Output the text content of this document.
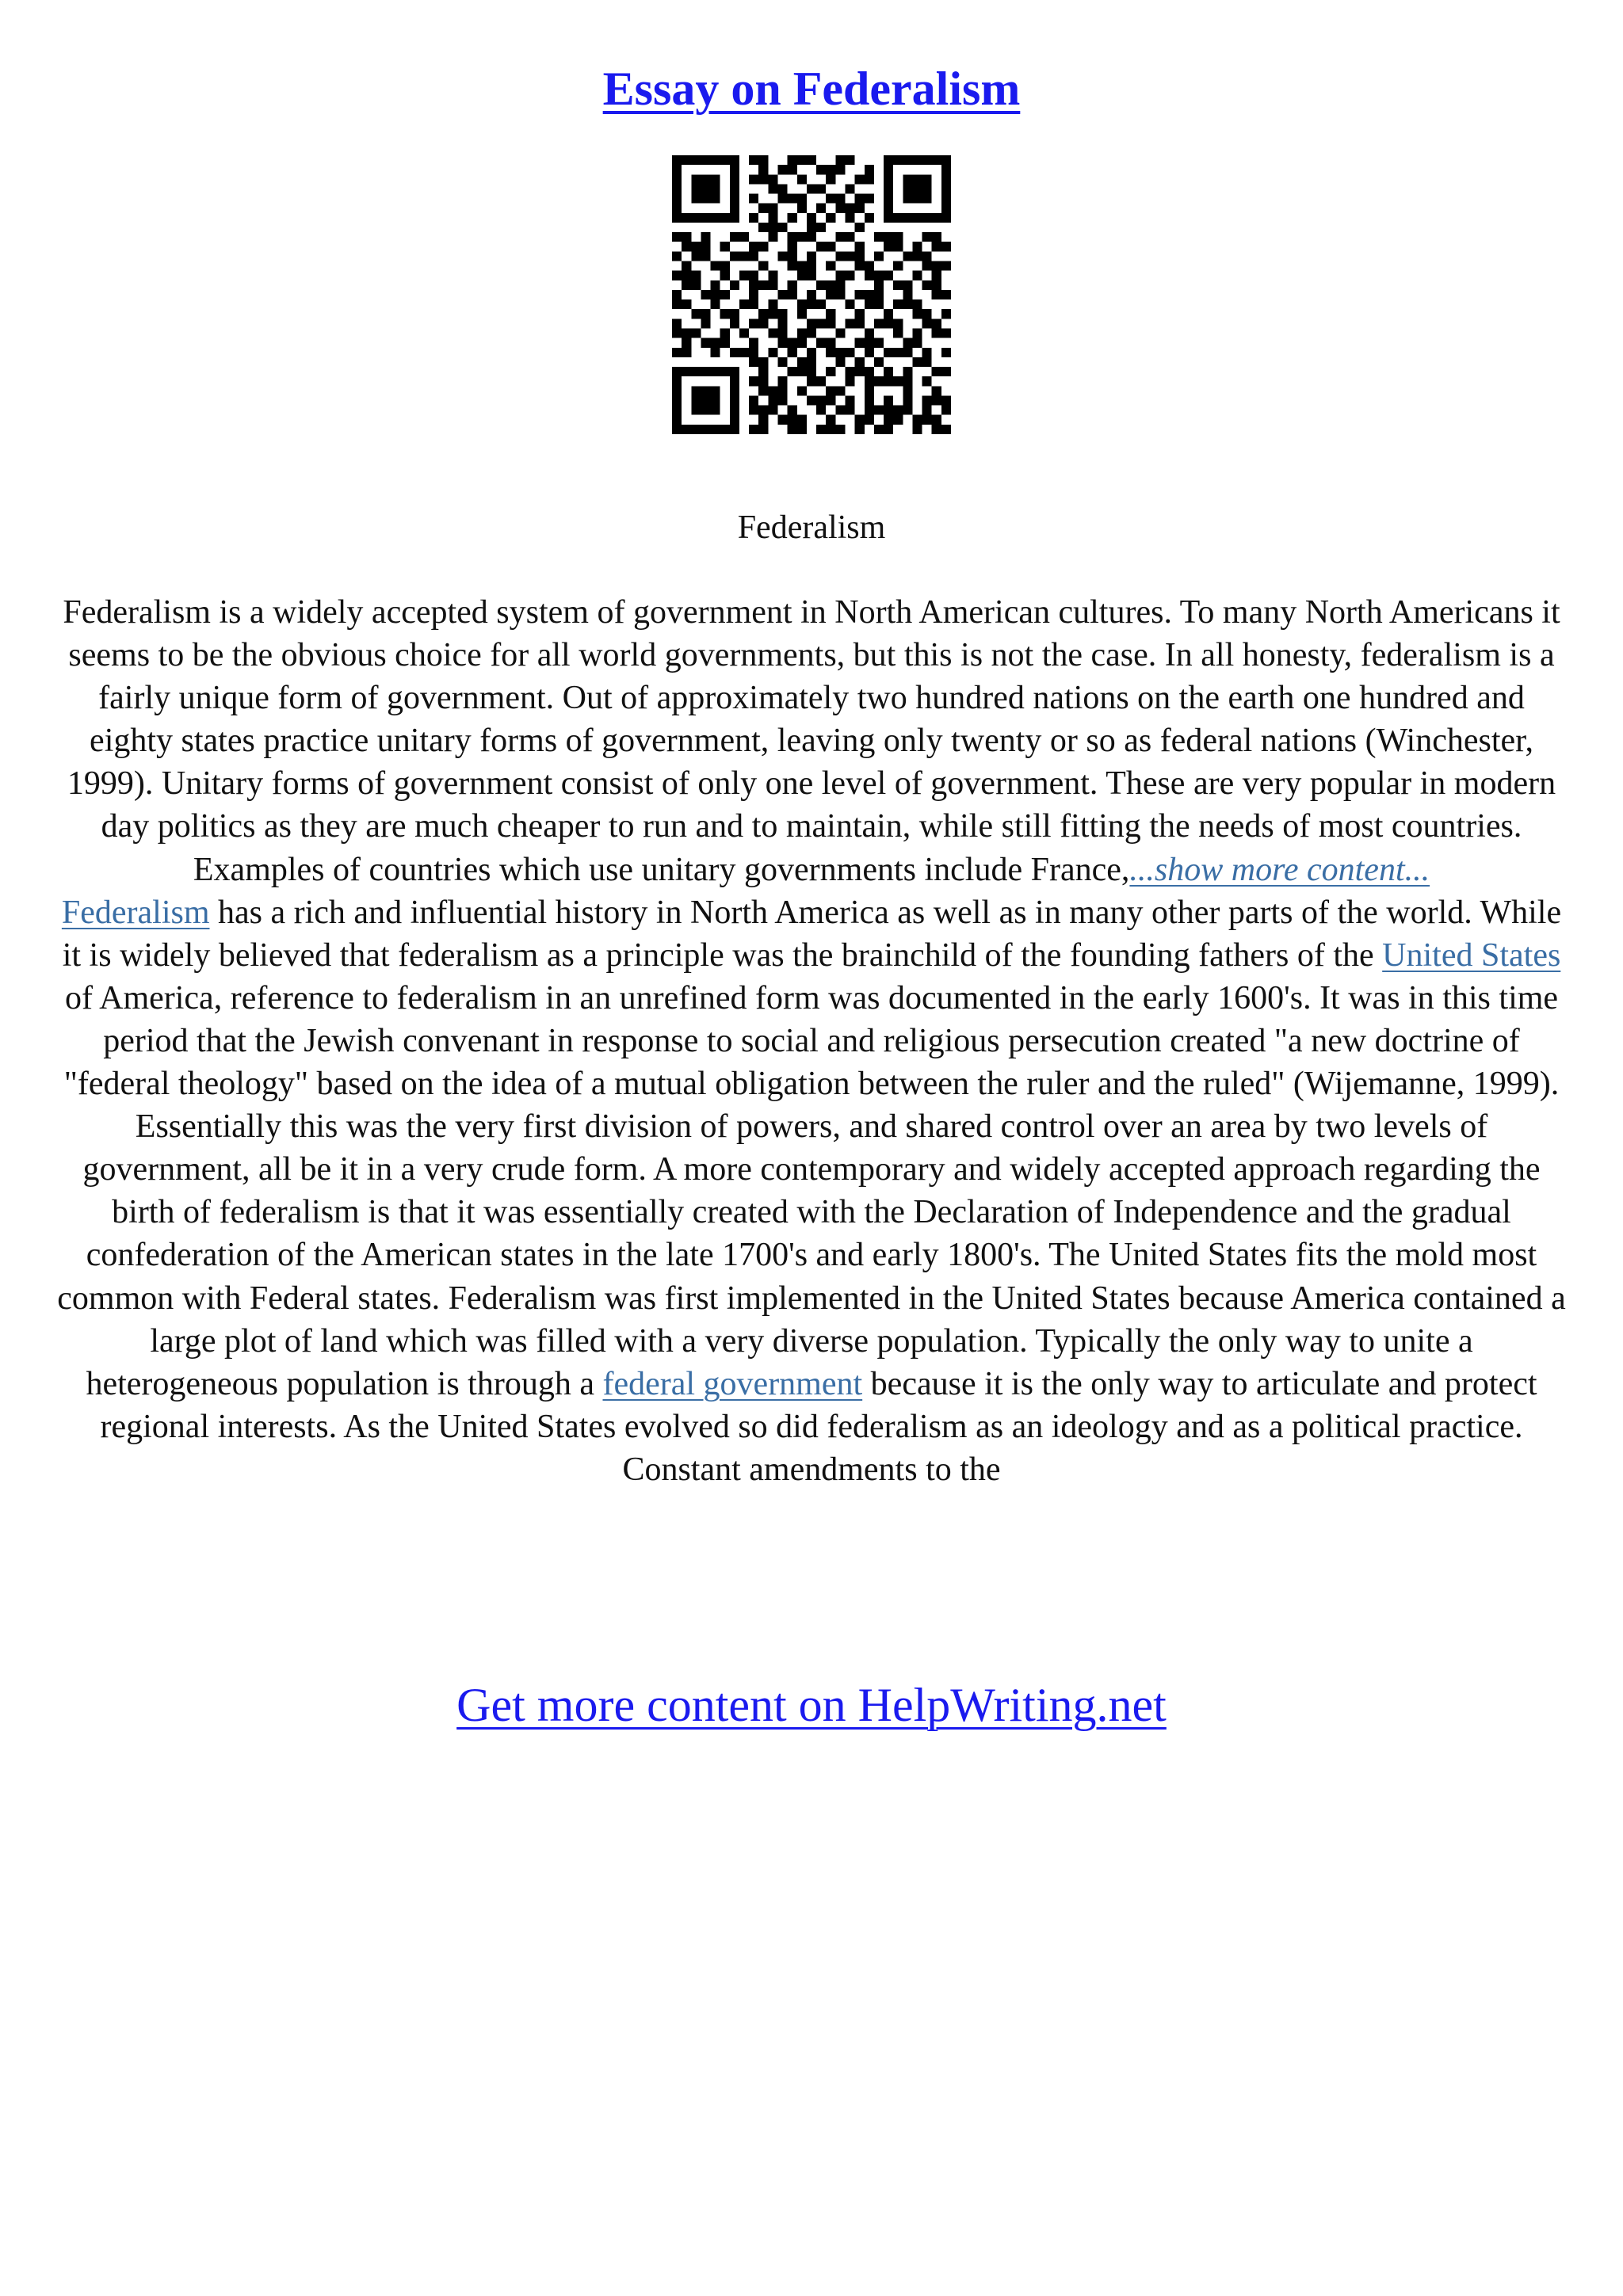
Essay on Federalism
Federalism

Federalism is a widely accepted system of government in North American cultures. To many North Americans it seems to be the obvious choice for all world governments, but this is not the case. In all honesty, federalism is a fairly unique form of government. Out of approximately two hundred nations on the earth one hundred and eighty states practice unitary forms of government, leaving only twenty or so as federal nations (Winchester, 1999). Unitary forms of government consist of only one level of government. These are very popular in modern day politics as they are much cheaper to run and to maintain, while still fitting the needs of most countries. Examples of countries which use unitary governments include France,...show more content...

Federalism has a rich and influential history in North America as well as in many other parts of the world. While it is widely believed that federalism as a principle was the brainchild of the founding fathers of the United States of America, reference to federalism in an unrefined form was documented in the early 1600's. It was in this time period that the Jewish convenant in response to social and religious persecution created "a new doctrine of "federal theology" based on the idea of a mutual obligation between the ruler and the ruled" (Wijemanne, 1999). Essentially this was the very first division of powers, and shared control over an area by two levels of government, all be it in a very crude form. A more contemporary and widely accepted approach regarding the birth of federalism is that it was essentially created with the Declaration of Independence and the gradual confederation of the American states in the late 1700's and early 1800's. The United States fits the mold most common with Federal states. Federalism was first implemented in the United States because America contained a large plot of land which was filled with a very diverse population. Typically the only way to unite a heterogeneous population is through a federal government because it is the only way to articulate and protect regional interests. As the United States evolved so did federalism as an ideology and as a political practice. Constant amendments to the

Get more content on HelpWriting.net
